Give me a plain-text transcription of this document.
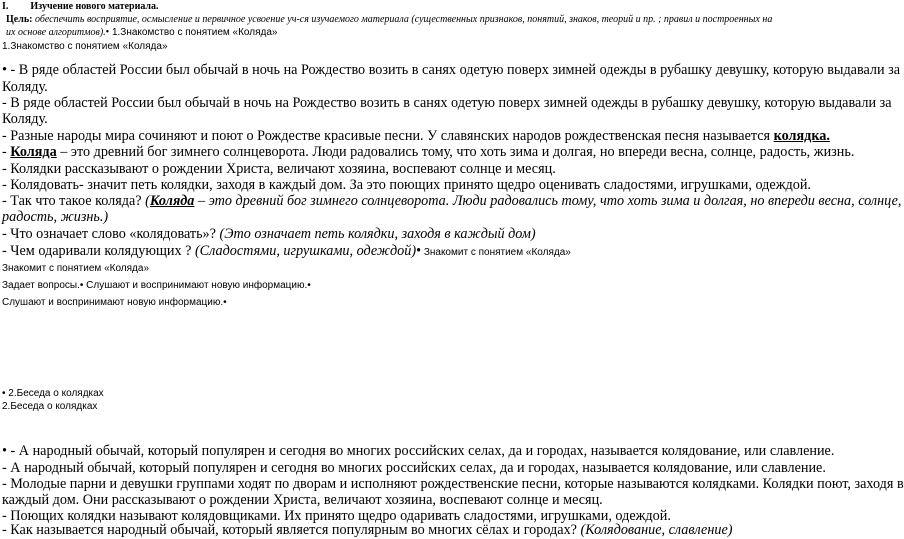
I. Изучение нового материала.
Цель: обеспечить восприятие, осмысление и первичное усвоение уч-ся изучаемого материала (существенных признаков, понятий, знаков, теорий и пр. ; правил и построенных на
их основе алгоритмов).• 1.Знакомство с понятием «Коляда»
1.Знакомство с понятием «Коляда»
• - В ряде областей России был обычай в ночь на Рождество возить в санях одетую поверх зимней одежды в рубашку девушку, которую выдавали за
Коляду.
- В ряде областей России был обычай в ночь на Рождество возить в санях одетую поверх зимней одежды в рубашку девушку, которую выдавали за
Коляду.
- Разные народы мира сочиняют и поют о Рождестве красивые песни. У славянских народов рождественская песня называется колядка.
- Коляда – это древний бог зимнего солнцеворота. Люди радовались тому, что хоть зима и долгая, но впереди весна, солнце, радость, жизнь.
- Колядки рассказывают о рождении Христа, величают хозяина, воспевают солнце и месяц.
- Колядовать- значит петь колядки, заходя в каждый дом. За это поющих принято щедро оценивать сладостями, игрушками, одеждой.
- Так что такое коляда? (Коляда – это древний бог зимнего солнцеворота. Люди радовались тому, что хоть зима и долгая, но впереди весна, солнце,
радость, жизнь.)
- Что означает слово «колядовать»? (Это означает петь колядки, заходя в каждый дом)
- Чем одаривали колядующих ? (Сладостями, игрушками, одеждой)• Знакомит с понятием «Коляда»
Знакомит с понятием «Коляда»
Задает вопросы.• Слушают и воспринимают новую информацию.•
Слушают и воспринимают новую информацию.•
• 2.Беседа о колядках
2.Беседа о колядках
• - А народный обычай, который популярен и сегодня во многих российских селах, да и городах, называется колядование, или славление.
- А народный обычай, который популярен и сегодня во многих российских селах, да и городах, называется колядование, или славление.
- Молодые парни и девушки группами ходят по дворам и исполняют рождественские песни, которые называются колядками. Колядки поют, заходя в
каждый дом. Они рассказывают о рождении Христа, величают хозяина, воспевают солнце и месяц.
- Поющих колядки называют колядовщиками. Их принято щедро одаривать сладостями, игрушками, одеждой.
- Как называется народный обычай, который является популярным во многих сёлах и городах? (Колядование, славление)
